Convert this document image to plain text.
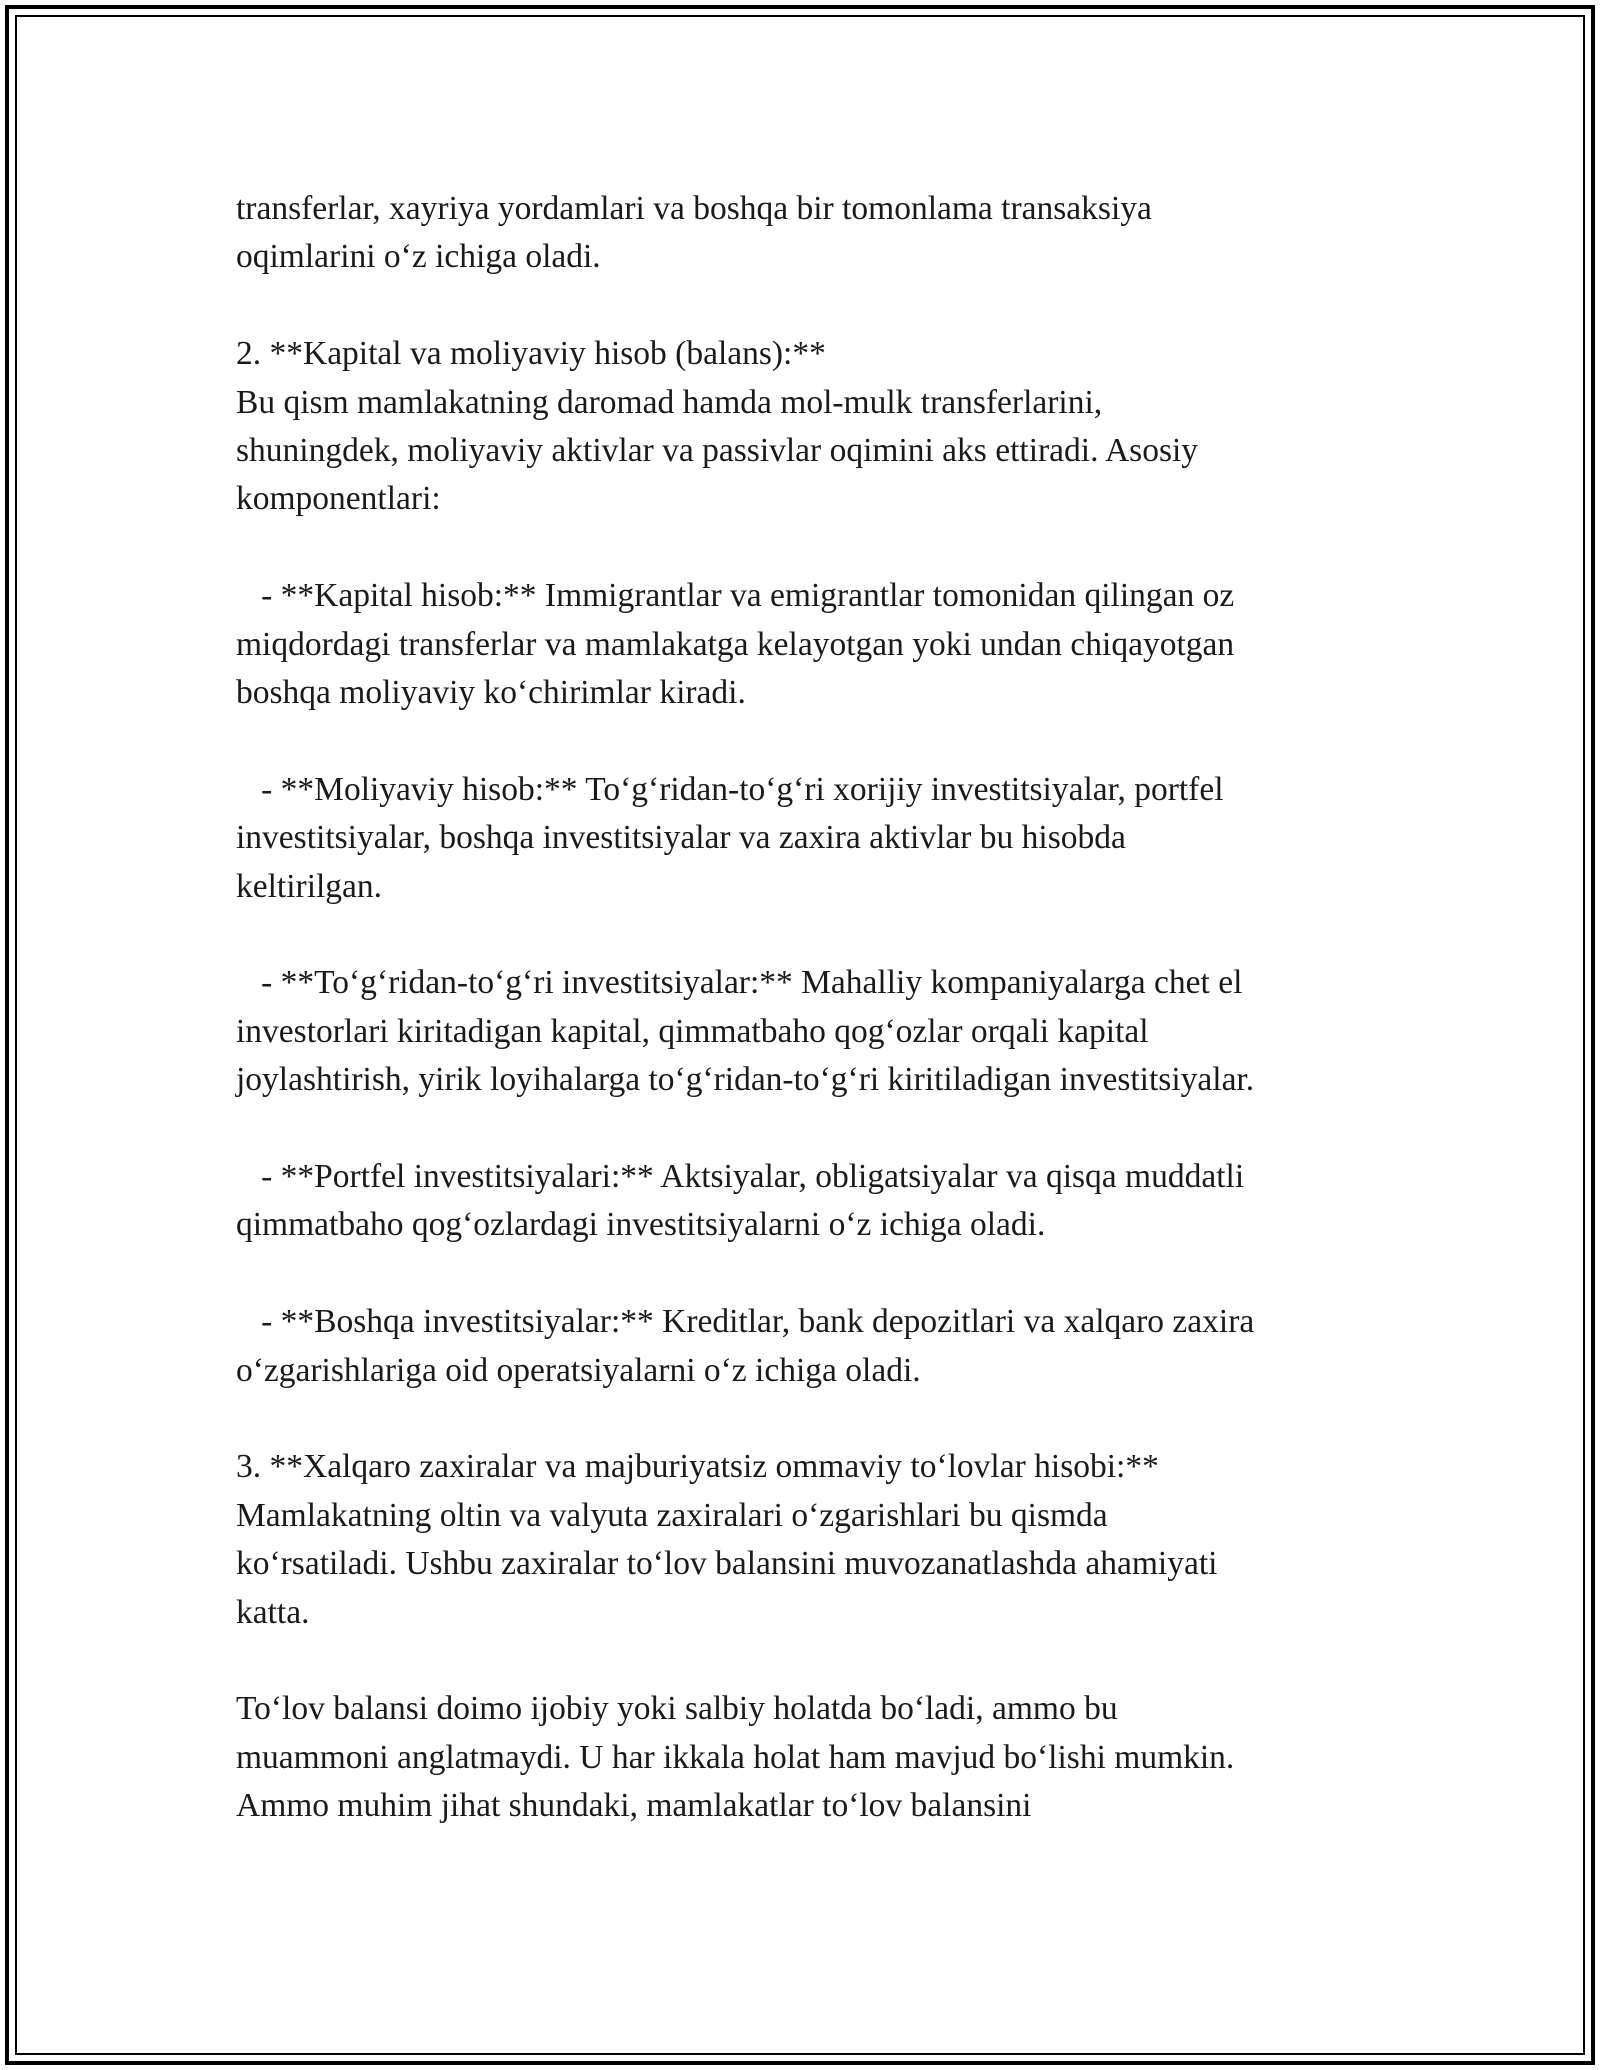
transferlar, xayriya yordamlari va boshqa bir tomonlama transaksiya
oqimlarini o‘z ichiga oladi.
2. **Kapital va moliyaviy hisob (balans):**
Bu qism mamlakatning daromad hamda mol-mulk transferlarini,
shuningdek, moliyaviy aktivlar va passivlar oqimini aks ettiradi. Asosiy
komponentlari:
- **Kapital hisob:** Immigrantlar va emigrantlar tomonidan qilingan oz
miqdordagi transferlar va mamlakatga kelayotgan yoki undan chiqayotgan
boshqa moliyaviy ko‘chirimlar kiradi.
- **Moliyaviy hisob:** To‘g‘ridan-to‘g‘ri xorijiy investitsiyalar, portfel
investitsiyalar, boshqa investitsiyalar va zaxira aktivlar bu hisobda
keltirilgan.
- **To‘g‘ridan-to‘g‘ri investitsiyalar:** Mahalliy kompaniyalarga chet el
investorlari kiritadigan kapital, qimmatbaho qog‘ozlar orqali kapital
joylashtirish, yirik loyihalarga to‘g‘ridan-to‘g‘ri kiritiladigan investitsiyalar.
- **Portfel investitsiyalari:** Aktsiyalar, obligatsiyalar va qisqa muddatli
qimmatbaho qog‘ozlardagi investitsiyalarni o‘z ichiga oladi.
- **Boshqa investitsiyalar:** Kreditlar, bank depozitlari va xalqaro zaxira
o‘zgarishlariga oid operatsiyalarni o‘z ichiga oladi.
3. **Xalqaro zaxiralar va majburiyatsiz ommaviy to‘lovlar hisobi:**
Mamlakatning oltin va valyuta zaxiralari o‘zgarishlari bu qismda
ko‘rsatiladi. Ushbu zaxiralar to‘lov balansini muvozanatlashda ahamiyati
katta.
To‘lov balansi doimo ijobiy yoki salbiy holatda bo‘ladi, ammo bu
muammoni anglatmaydi. U har ikkala holat ham mavjud bo‘lishi mumkin.
Ammo muhim jihat shundaki, mamlakatlar to‘lov balansini
